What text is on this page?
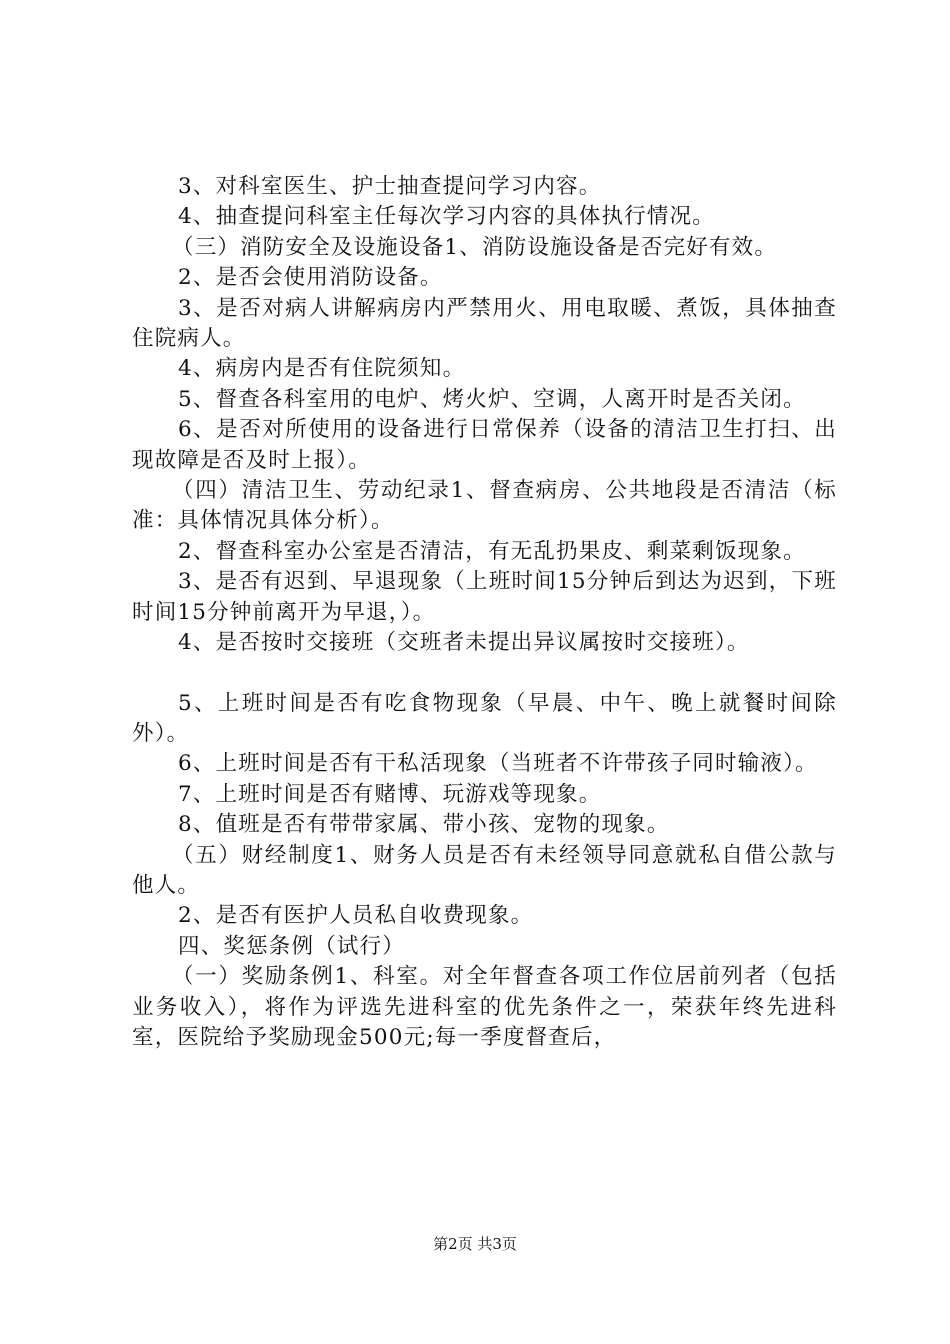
3、对科室医生、护士抽查提问学习内容。

4、抽查提问科室主任每次学习内容的具体执行情况。

（三）消防安全及设施设备1、消防设施设备是否完好有效。

2、是否会使用消防设备。

3、是否对病人讲解病房内严禁用火、用电取暖、煮饭，具体抽查住院病人。

4、病房内是否有住院须知。

5、督查各科室用的电炉、烤火炉、空调，人离开时是否关闭。

6、是否对所使用的设备进行日常保养（设备的清洁卫生打扫、出现故障是否及时上报）。

（四）清洁卫生、劳动纪录1、督查病房、公共地段是否清洁（标准：具体情况具体分析）。

2、督查科室办公室是否清洁，有无乱扔果皮、剩菜剩饭现象。

3、是否有迟到、早退现象（上班时间15分钟后到达为迟到，下班时间15分钟前离开为早退，）。

4、是否按时交接班（交班者未提出异议属按时交接班）。

5、上班时间是否有吃食物现象（早晨、中午、晚上就餐时间除外）。

6、上班时间是否有干私活现象（当班者不许带孩子同时输液）。

7、上班时间是否有赌博、玩游戏等现象。

8、值班是否有带带家属、带小孩、宠物的现象。

（五）财经制度1、财务人员是否有未经领导同意就私自借公款与他人。

2、是否有医护人员私自收费现象。

四、奖惩条例（试行）

（一）奖励条例1、科室。对全年督查各项工作位居前列者（包括业务收入），将作为评选先进科室的优先条件之一，荣获年终先进科室，医院给予奖励现金500元;每一季度督查后，

第2页 共3页
